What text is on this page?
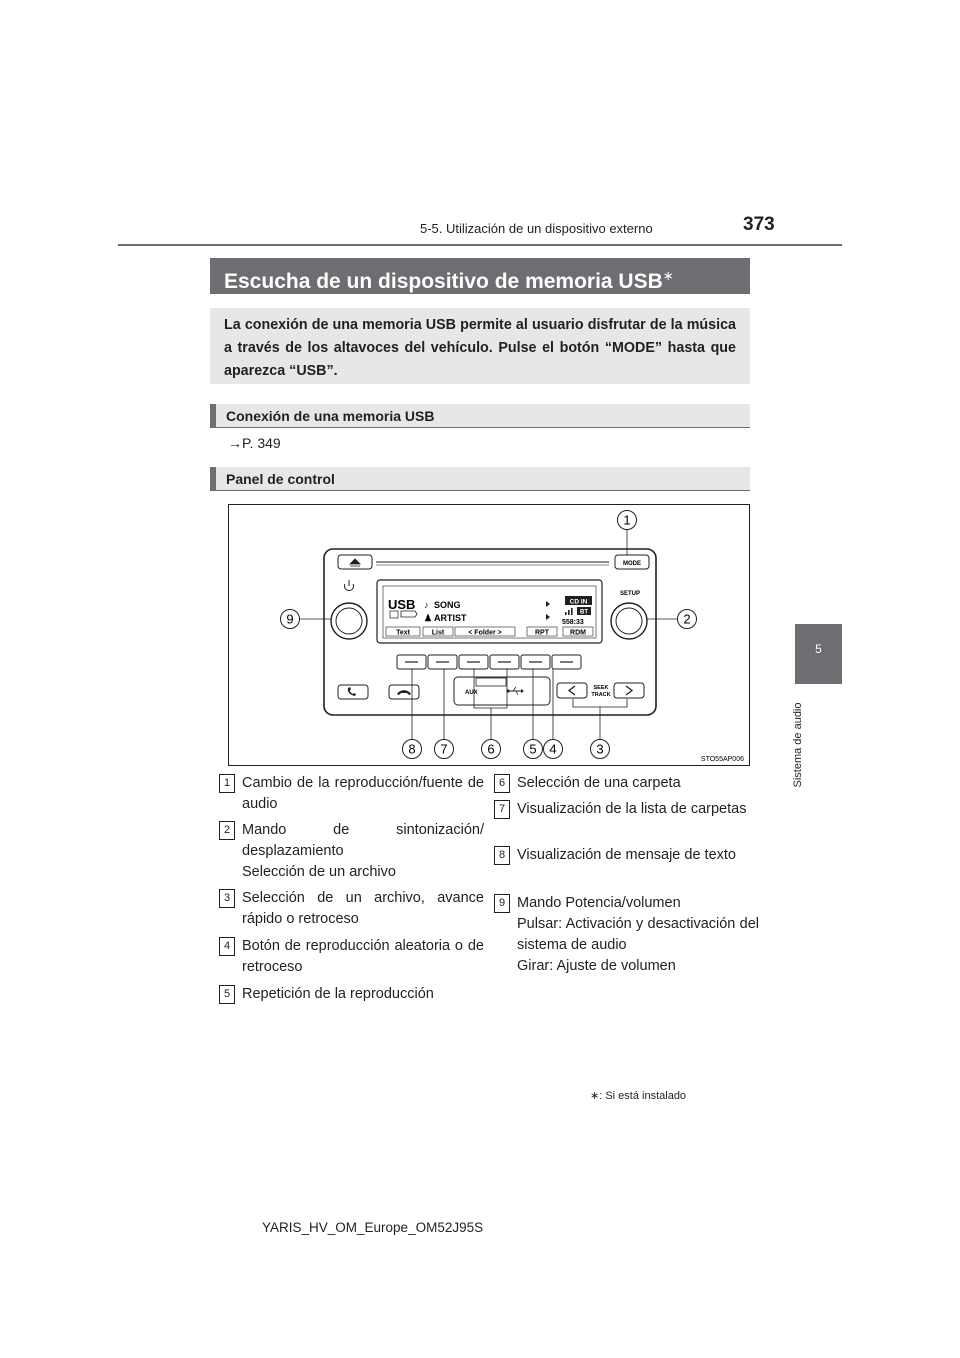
5-5. Utilización de un dispositivo externo	373
5
Sistema de audio
Escucha de un dispositivo de memoria USB∗
La conexión de una memoria USB permite al usuario disfrutar de la música a través de los altavoces del vehículo. Pulse el botón “MODE” hasta que aparezca “USB”.
Conexión de una memoria USB
→P. 349
Panel de control
MODE
SETUP
USB ♪ SONG
♟ ARTIST
CD IN
BT
558:33
Text	List	< Folder >	RPT	RDM
AUX
SEEK
TRACK
1
2
3
4
5
6
7
8
9
STO55AP006
1 Cambio de la reproducción/fuente de audio
2 Mando de sintonización/ desplazamiento
Selección de un archivo
3 Selección de un archivo, avance rápido o retroceso
4 Botón de reproducción aleatoria o de retroceso
5 Repetición de la reproducción
6 Selección de una carpeta
7 Visualización de la lista de carpetas
8 Visualización de mensaje de texto
9 Mando Potencia/volumen
Pulsar: Activación y desactivación del sistema de audio
Girar: Ajuste de volumen
∗: Si está instalado
YARIS_HV_OM_Europe_OM52J95S
